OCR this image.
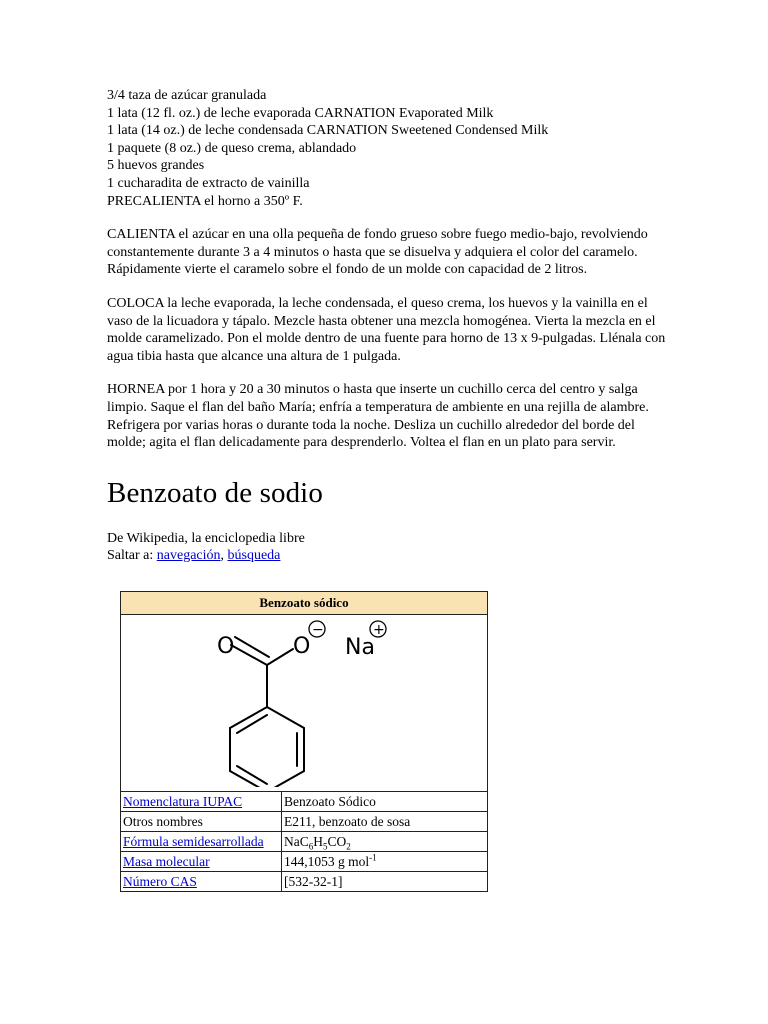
3/4 taza de azúcar granulada

1 lata (12 fl. oz.) de leche evaporada CARNATION Evaporated Milk

1 lata (14 oz.) de leche condensada CARNATION Sweetened Condensed Milk

1 paquete (8 oz.) de queso crema, ablandado

5 huevos grandes

1 cucharadita de extracto de vainilla

PRECALIENTA el horno a 350º F.

CALIENTA el azúcar en una olla pequeña de fondo grueso sobre fuego medio-bajo, revolviendo constantemente durante 3 a 4 minutos o hasta que se disuelva y adquiera el color del caramelo. Rápidamente vierte el caramelo sobre el fondo de un molde con capacidad de 2 litros.

COLOCA la leche evaporada, la leche condensada, el queso crema, los huevos y la vainilla en el vaso de la licuadora y tápalo. Mezcle hasta obtener una mezcla homogénea. Vierta la mezcla en el molde caramelizado. Pon el molde dentro de una fuente para horno de 13 x 9-pulgadas. Llénala con agua tibia hasta que alcance una altura de 1 pulgada.

HORNEA por 1 hora y 20 a 30 minutos o hasta que inserte un cuchillo cerca del centro y salga limpio. Saque el flan del baño María; enfría a temperatura de ambiente en una rejilla de alambre. Refrigera por varias horas o durante toda la noche. Desliza un cuchillo alrededor del borde del molde; agita el flan delicadamente para desprenderlo. Voltea el flan en un plato para servir.

Benzoato de sodio
De Wikipedia, la enciclopedia libre
Saltar a: navegación, búsqueda
Benzoato sódico	

O O Na
− +	

Nomenclatura IUPAC	Benzoato Sódico
Otros nombres	E211, benzoato de sosa
Fórmula semidesarrollada	$NaC_6H_5CO_2$
Masa molecular	144,1053 g mol$^{-1}$
Número CAS	[532-32-1]
